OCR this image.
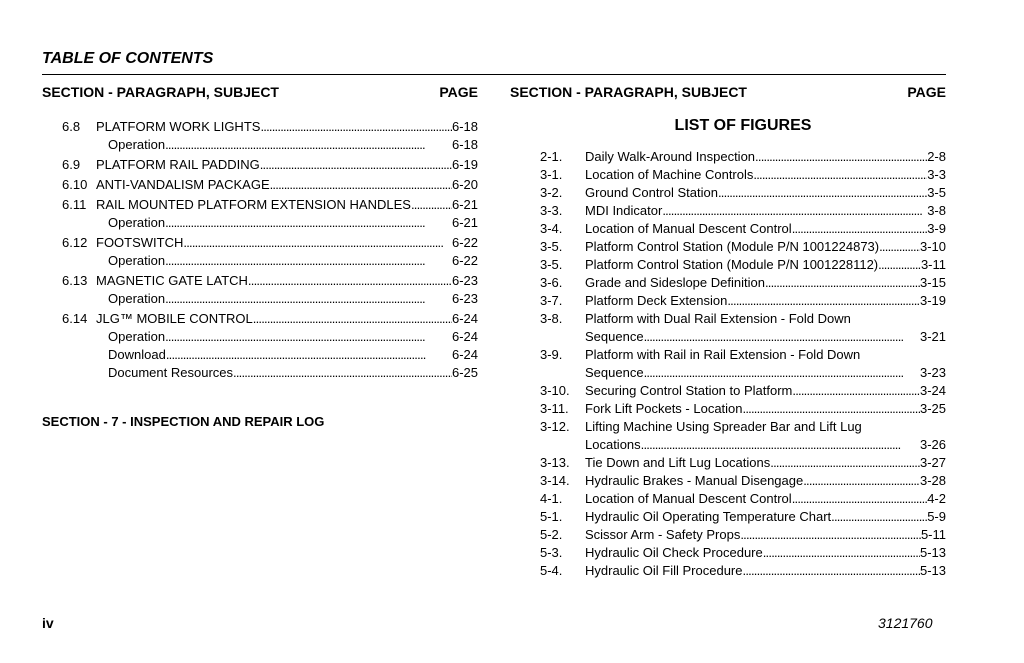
TABLE OF CONTENTS
SECTION - PARAGRAPH, SUBJECT	PAGE SECTION - PARAGRAPH, SUBJECT	PAGE
6.8	PLATFORM WORK LIGHTS . . .	6-18
Operation . . .	6-18
6.9	PLATFORM RAIL PADDING . . .	6-19
6.10 ANTI-VANDALISM PACKAGE . . .	6-20
6.11 RAIL MOUNTED PLATFORM EXTENSION HANDLES . . .	6-21
Operation . . .	6-21
6.12 FOOTSWITCH . . .	6-22
Operation . . .	6-22
6.13 MAGNETIC GATE LATCH . . .	6-23
Operation . . .	6-23
6.14 JLG™ MOBILE CONTROL . . .	6-24
Operation . . .	6-24
Download . . .	6-24
Document Resources . . .	6-25
SECTION - 7 - INSPECTION AND REPAIR LOG
LIST OF FIGURES
2-1.	Daily Walk-Around Inspection . . .	2-8
3-1.	Location of Machine Controls . . .	3-3
3-2.	Ground Control Station . . .	3-5
3-3.	MDI Indicator . . .	3-8
3-4.	Location of Manual Descent Control . . .	3-9
3-5.	Platform Control Station (Module P/N 1001224873) . . .	3-10
3-5.	Platform Control Station (Module P/N 1001228112) . . .	3-11
3-6.	Grade and Sideslope Definition . . .	3-15
3-7.	Platform Deck Extension . . .	3-19
3-8.	Platform with Dual Rail Extension - Fold Down
Sequence . . .	3-21
3-9.	Platform with Rail in Rail Extension - Fold Down
Sequence . . .	3-23
3-10.	Securing Control Station to Platform . . .	3-24
3-11.	Fork Lift Pockets - Location . . .	3-25
3-12.	Lifting Machine Using Spreader Bar and Lift Lug
Locations . . .	3-26
3-13.	Tie Down and Lift Lug Locations . . .	3-27
3-14.	Hydraulic Brakes - Manual Disengage . . .	3-28
4-1.	Location of Manual Descent Control . . .	4-2
5-1.	Hydraulic Oil Operating Temperature Chart . . .	5-9
5-2.	Scissor Arm - Safety Props . . .	5-11
5-3.	Hydraulic Oil Check Procedure . . .	5-13
5-4.	Hydraulic Oil Fill Procedure . . .	5-13
iv	3121760
